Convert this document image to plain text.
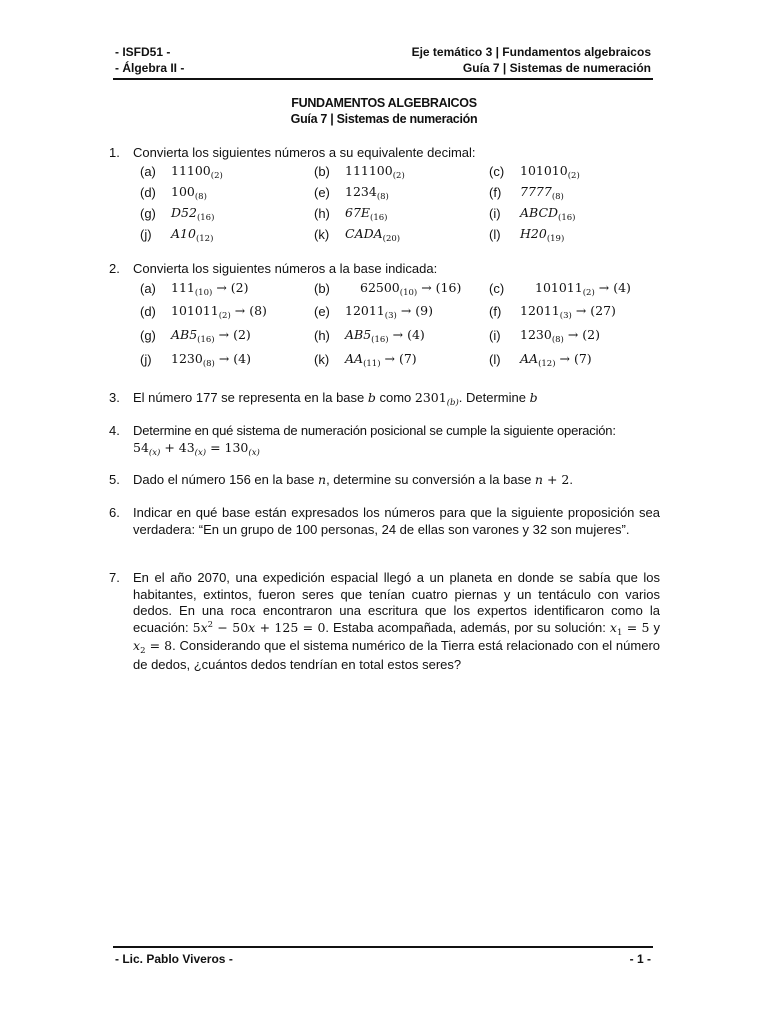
- ISFD51 -	Eje temático 3 | Fundamentos algebraicos
- Álgebra II -	Guía 7 | Sistemas de numeración
FUNDAMENTOS ALGEBRAICOS
Guía 7 | Sistemas de numeración
1. Convierta los siguientes números a su equivalente decimal:
(a) $11100_{(2)}$	(b) $111100_{(2)}$	(c) $101010_{(2)}$
(d) $100_{(8)}$	(e) $1234_{(8)}$	(f) $7777_{(8)}$
(g) $D52_{(16)}$	(h) $67E_{(16)}$	(i) $ABCD_{(16)}$
(j) $A10_{(12)}$	(k) $CADA_{(20)}$	(l) $H20_{(19)}$
2. Convierta los siguientes números a la base indicada:
(a) $111_{(10)} \to (2)$	(b) $62500_{(10)} \to (16)$ (c) $101011_{(2)} \to (4)$
(d) $101011_{(2)} \to (8)$	(e) $12011_{(3)} \to (9)$	(f) $12011_{(3)} \to (27)$
(g) $AB5_{(16)} \to (2)$	(h) $AB5_{(16)} \to (4)$	(i) $1230_{(8)} \to (2)$
(j) $1230_{(8)} \to (4)$	(k) $AA_{(11)} \to (7)$	(l) $AA_{(12)} \to (7)$
3. El número 177 se representa en la base b como $2301_{(b)}$. Determine b
4. Determine en qué sistema de numeración posicional se cumple la siguiente operación:
$54_{(x)} + 43_{(x)} = 130_{(x)}$
5. Dado el número 156 en la base n, determine su conversión a la base n + 2.
6. Indicar en qué base están expresados los números para que la siguiente proposición sea verdadera: “En un grupo de 100 personas, 24 de ellas son varones y 32 son mujeres”.
7. En el año 2070, una expedición espacial llegó a un planeta en donde se sabía que los habitantes, extintos, fueron seres que tenían cuatro piernas y un tentáculo con varios dedos. En una roca encontraron una escritura que los expertos identificaron como la ecuación: $5x^2 - 50x + 125 = 0$. Estaba acompañada, además, por su solución: $x_1 = 5$ y $x_2 = 8$. Considerando que el sistema numérico de la Tierra está relacionado con el número de dedos, ¿cuántos dedos tendrían en total estos seres?
- Lic. Pablo Viveros -	- 1 -
